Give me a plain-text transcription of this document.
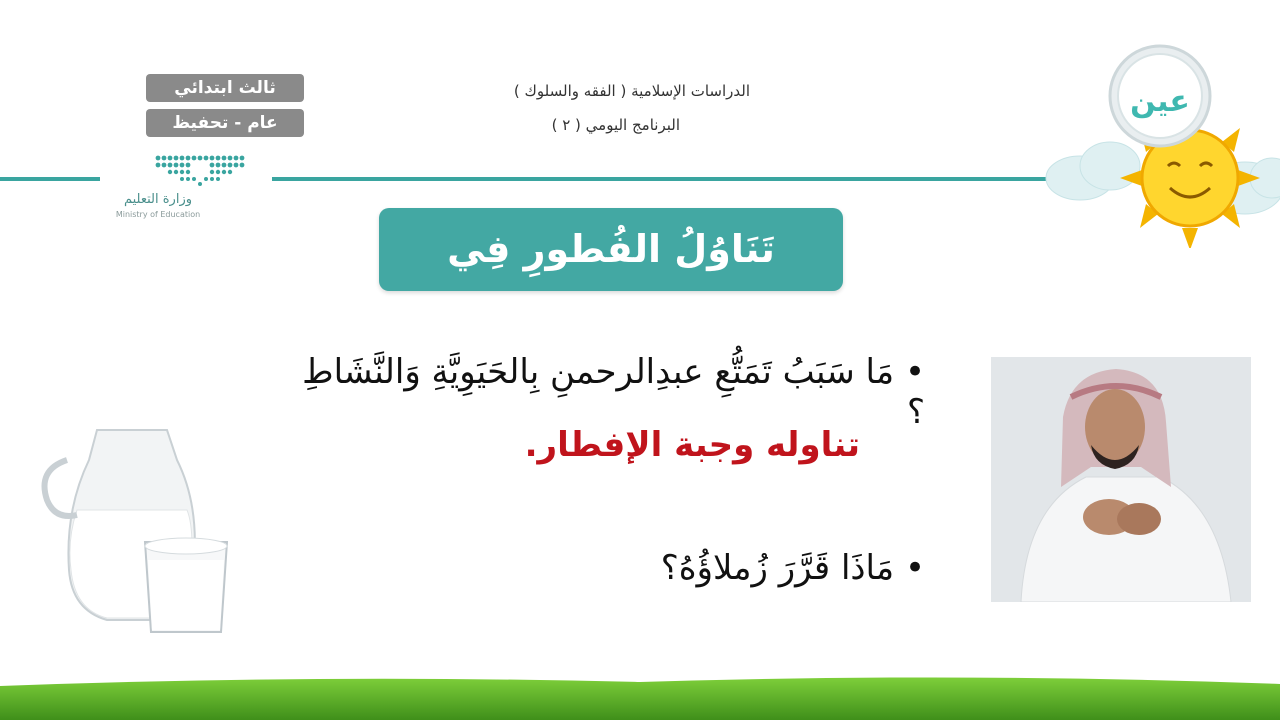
ثالث ابتدائي
عام - تحفيظ
وزارة التعليم
Ministry of Education
الدراسات الإسلامية ( الفقه والسلوك )
البرنامج اليومي ( ٢ )
عين
تَنَاوُلُ الفُطورِ فِي المَنْزِل:
• مَا سَبَبُ تَمَتُّعِ عبدِالرحمنِ بِالحَيَوِيَّةِ وَالنَّشَاطِ ؟
تناوله وجبة الإفطار.
• مَاذَا قَرَّرَ زُملاؤُهُ؟
